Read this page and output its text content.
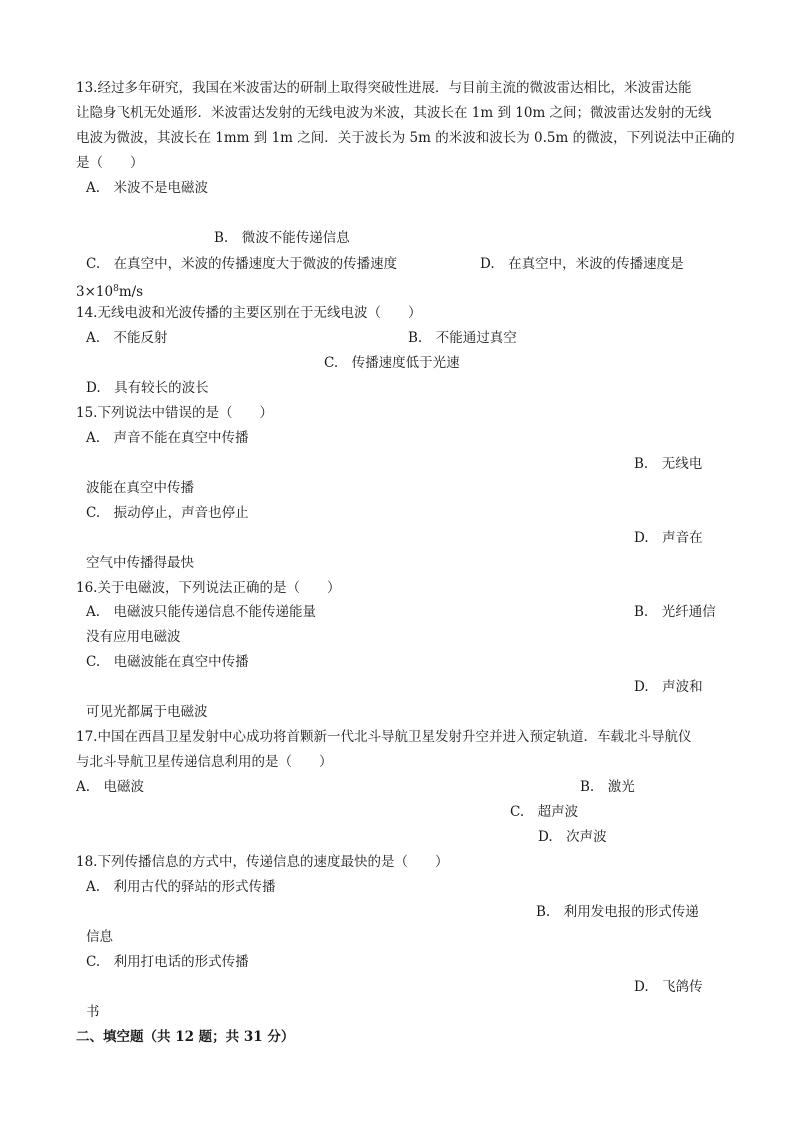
13.经过多年研究，我国在米波雷达的研制上取得突破性进展．与目前主流的微波雷达相比，米波雷达能
让隐身飞机无处遁形．米波雷达发射的无线电波为米波，其波长在 1m 到 10m 之间；微波雷达发射的无线
电波为微波，其波长在 1mm 到 1m 之间．关于波长为 5m 的米波和波长为 0.5m 的微波，下列说法中正确的
是（　　）
A.　米波不是电磁波
B.　微波不能传递信息
C.　在真空中，米波的传播速度大于微波的传播速度	D.　在真空中，米波的传播速度是
$3\times 10^8m/s$
14.无线电波和光波传播的主要区别在于无线电波（　　）
A.　不能反射	B.　不能通过真空
C.　传播速度低于光速
D.　具有较长的波长
15.下列说法中错误的是（　　）
A.　声音不能在真空中传播
B.　无线电
波能在真空中传播
C.　振动停止，声音也停止
D.　声音在
空气中传播得最快
16.关于电磁波，下列说法正确的是（　　）
A.　电磁波只能传递信息不能传递能量	B.　光纤通信
没有应用电磁波
C.　电磁波能在真空中传播
D.　声波和
可见光都属于电磁波
17.中国在西昌卫星发射中心成功将首颗新一代北斗导航卫星发射升空并进入预定轨道．车载北斗导航仪
与北斗导航卫星传递信息利用的是（　　）
A.　电磁波	B.　激光
C.　超声波
D.　次声波
18.下列传播信息的方式中，传递信息的速度最快的是（　　）
A.　利用古代的驿站的形式传播
B.　利用发电报的形式传递
信息
C.　利用打电话的形式传播
D.　飞鸽传
书
二、填空题（共 12 题；共 31 分）
